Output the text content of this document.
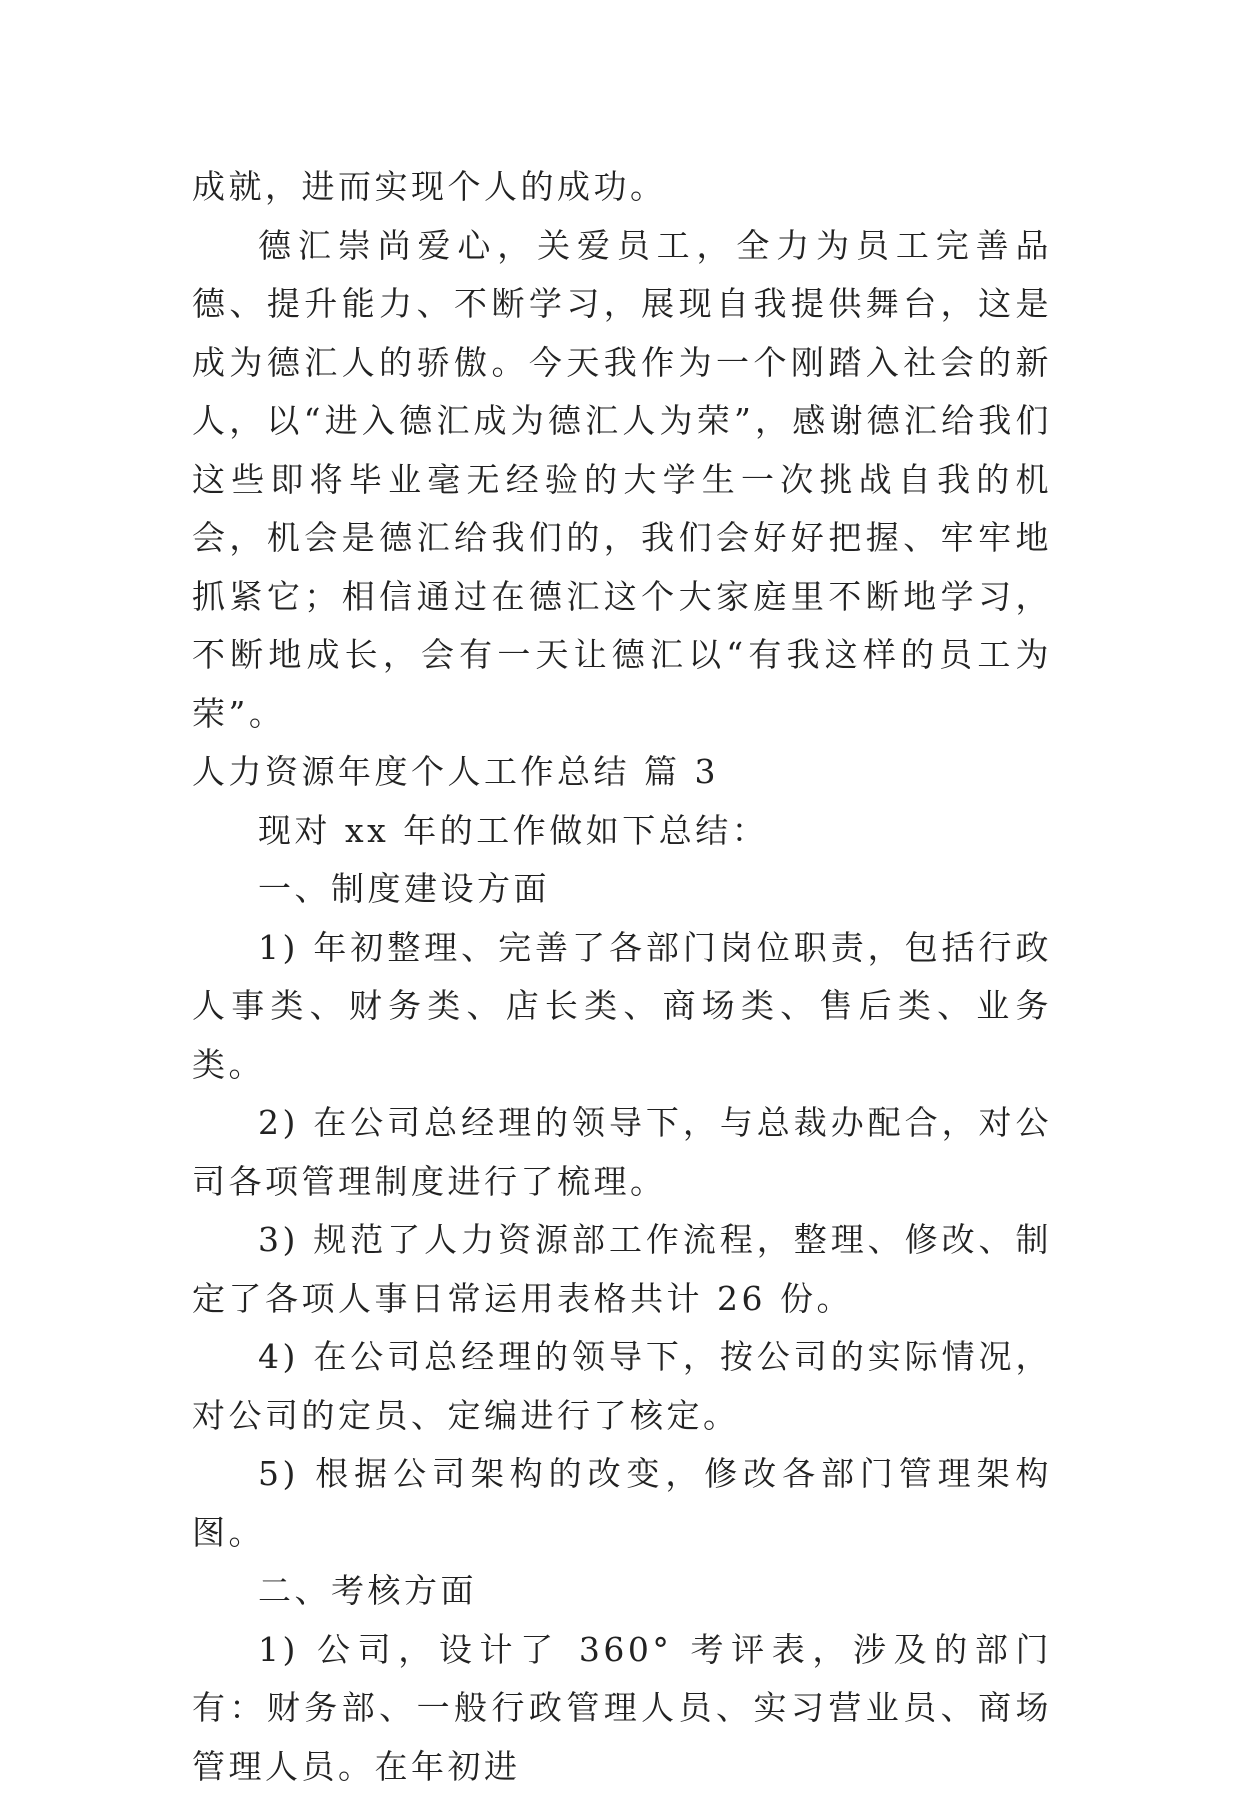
成就，进而实现个人的成功。

德汇崇尚爱心，关爱员工，全力为员工完善品德、提升能力、不断学习，展现自我提供舞台，这是成为德汇人的骄傲。今天我作为一个刚踏入社会的新人，以“进入德汇成为德汇人为荣”，感谢德汇给我们这些即将毕业毫无经验的大学生一次挑战自我的机会，机会是德汇给我们的，我们会好好把握、牢牢地抓紧它；相信通过在德汇这个大家庭里不断地学习，不断地成长，会有一天让德汇以“有我这样的员工为荣”。

人力资源年度个人工作总结 篇 3

现对 xx 年的工作做如下总结：

一、制度建设方面

1) 年初整理、完善了各部门岗位职责，包括行政人事类、财务类、店长类、商场类、售后类、业务类。

2) 在公司总经理的领导下，与总裁办配合，对公司各项管理制度进行了梳理。

3) 规范了人力资源部工作流程，整理、修改、制定了各项人事日常运用表格共计 26 份。

4) 在公司总经理的领导下，按公司的实际情况，对公司的定员、定编进行了核定。

5) 根据公司架构的改变，修改各部门管理架构图。

二、考核方面

1) 公司，设计了 360° 考评表，涉及的部门有：财务部、一般行政管理人员、实习营业员、商场管理人员。在年初进
